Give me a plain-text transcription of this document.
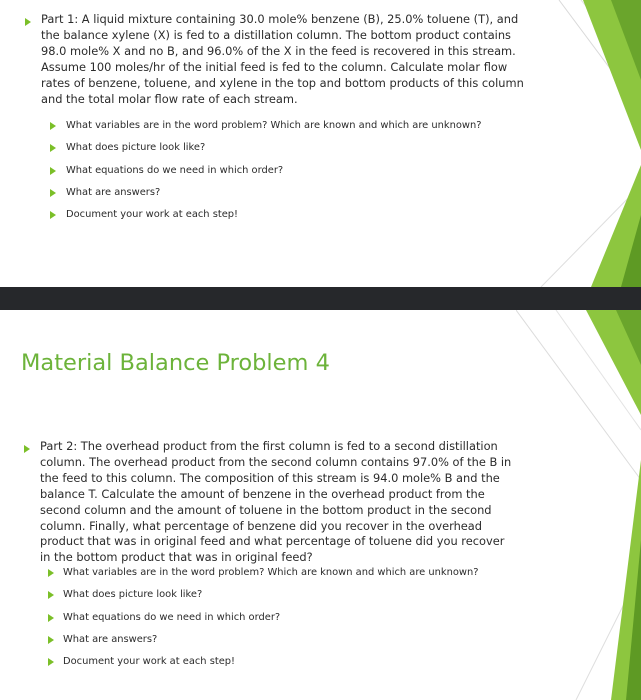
Part 1: A liquid mixture containing 30.0 mole% benzene (B), 25.0% toluene (T), and the balance xylene (X) is fed to a distillation column. The bottom product contains 98.0 mole% X and no B, and 96.0% of the X in the feed is recovered in this stream. Assume 100 moles/hr of the initial feed is fed to the column. Calculate molar flow rates of benzene, toluene, and xylene in the top and bottom products of this column and the total molar flow rate of each stream.
What variables are in the word problem? Which are known and which are unknown?
What does picture look like?
What equations do we need in which order?
What are answers?
Document your work at each step!
Material Balance Problem 4
Part 2: The overhead product from the first column is fed to a second distillation column. The overhead product from the second column contains 97.0% of the B in the feed to this column. The composition of this stream is 94.0 mole% B and the balance T. Calculate the amount of benzene in the overhead product from the second column and the amount of toluene in the bottom product in the second column. Finally, what percentage of benzene did you recover in the overhead product that was in original feed and what percentage of toluene did you recover in the bottom product that was in original feed?
What variables are in the word problem? Which are known and which are unknown?
What does picture look like?
What equations do we need in which order?
What are answers?
Document your work at each step!
